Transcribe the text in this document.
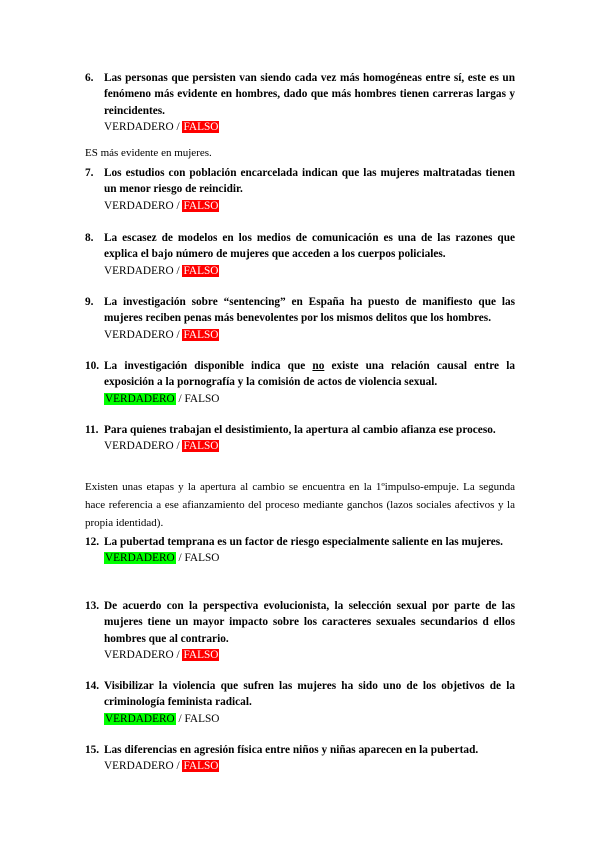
6. Las personas que persisten van siendo cada vez más homogéneas entre sí, este es un fenómeno más evidente en hombres, dado que más hombres tienen carreras largas y reincidentes.
VERDADERO / FALSO
ES más evidente en mujeres.
7. Los estudios con población encarcelada indican que las mujeres maltratadas tienen un menor riesgo de reincidir.
VERDADERO / FALSO
8. La escasez de modelos en los medios de comunicación es una de las razones que explica el bajo número de mujeres que acceden a los cuerpos policiales.
VERDADERO / FALSO
9. La investigación sobre “sentencing” en España ha puesto de manifiesto que las mujeres reciben penas más benevolentes por los mismos delitos que los hombres.
VERDADERO / FALSO
10. La investigación disponible indica que no existe una relación causal entre la exposición a la pornografía y la comisión de actos de violencia sexual.
VERDADERO / FALSO
11. Para quienes trabajan el desistimiento, la apertura al cambio afianza ese proceso.
VERDADERO / FALSO
Existen unas etapas y la apertura al cambio se encuentra en la 1ºimpulso-empuje. La segunda hace referencia a ese afianzamiento del proceso mediante ganchos (lazos sociales afectivos y la propia identidad).
12. La pubertad temprana es un factor de riesgo especialmente saliente en las mujeres.
VERDADERO / FALSO
13. De acuerdo con la perspectiva evolucionista, la selección sexual por parte de las mujeres tiene un mayor impacto sobre los caracteres sexuales secundarios d ellos hombres que al contrario.
VERDADERO / FALSO
14. Visibilizar la violencia que sufren las mujeres ha sido uno de los objetivos de la criminología feminista radical.
VERDADERO / FALSO
15. Las diferencias en agresión física entre niños y niñas aparecen en la pubertad.
VERDADERO / FALSO
